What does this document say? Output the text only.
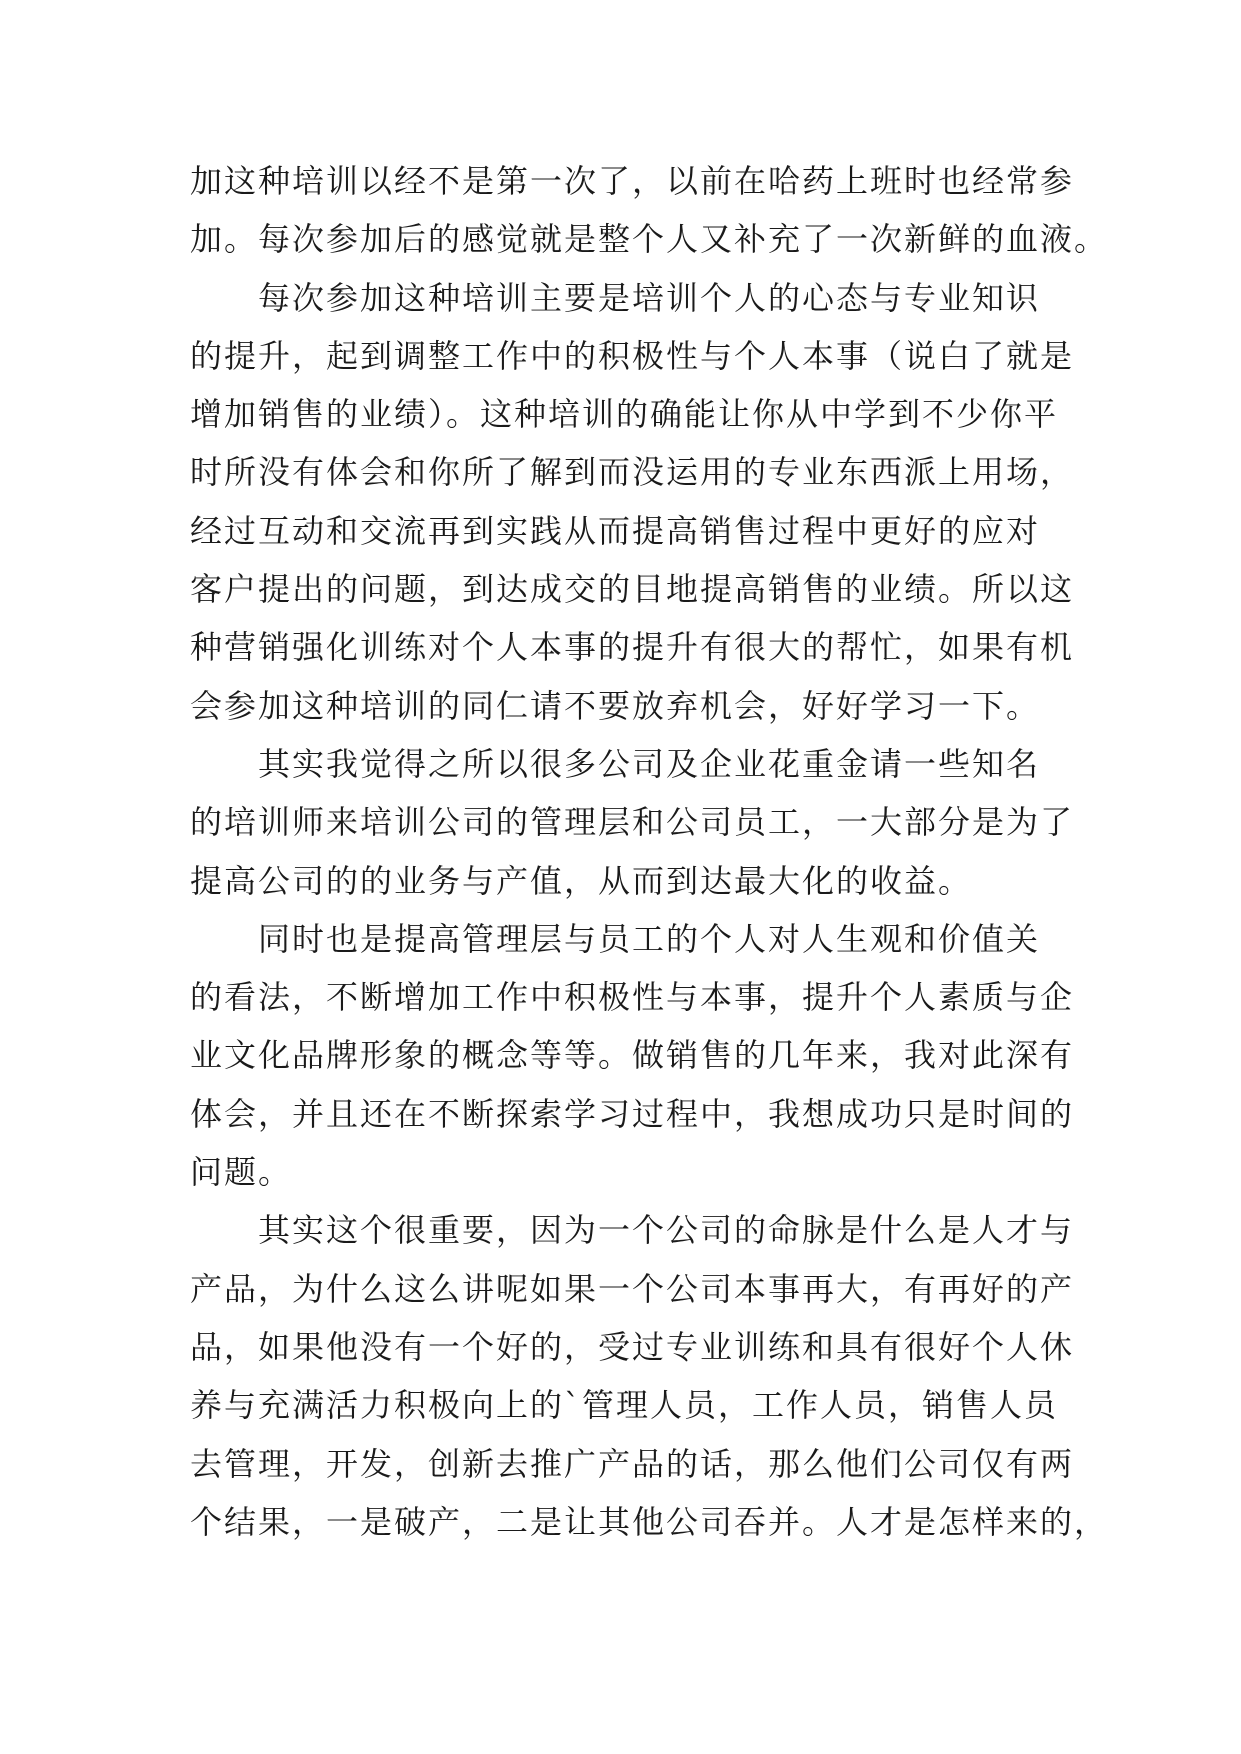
加这种培训以经不是第一次了，以前在哈药上班时也经常参
加。每次参加后的感觉就是整个人又补充了一次新鲜的血液。
每次参加这种培训主要是培训个人的心态与专业知识
的提升，起到调整工作中的积极性与个人本事（说白了就是
增加销售的业绩）。这种培训的确能让你从中学到不少你平
时所没有体会和你所了解到而没运用的专业东西派上用场，
经过互动和交流再到实践从而提高销售过程中更好的应对
客户提出的问题，到达成交的目地提高销售的业绩。所以这
种营销强化训练对个人本事的提升有很大的帮忙，如果有机
会参加这种培训的同仁请不要放弃机会，好好学习一下。
其实我觉得之所以很多公司及企业花重金请一些知名
的培训师来培训公司的管理层和公司员工，一大部分是为了
提高公司的的业务与产值，从而到达最大化的收益。
同时也是提高管理层与员工的个人对人生观和价值关
的看法，不断增加工作中积极性与本事，提升个人素质与企
业文化品牌形象的概念等等。做销售的几年来，我对此深有
体会，并且还在不断探索学习过程中，我想成功只是时间的
问题。
其实这个很重要，因为一个公司的命脉是什么是人才与
产品，为什么这么讲呢如果一个公司本事再大，有再好的产
品，如果他没有一个好的，受过专业训练和具有很好个人休
养与充满活力积极向上的`管理人员，工作人员，销售人员
去管理，开发，创新去推广产品的话，那么他们公司仅有两
个结果，一是破产，二是让其他公司吞并。人才是怎样来的，
